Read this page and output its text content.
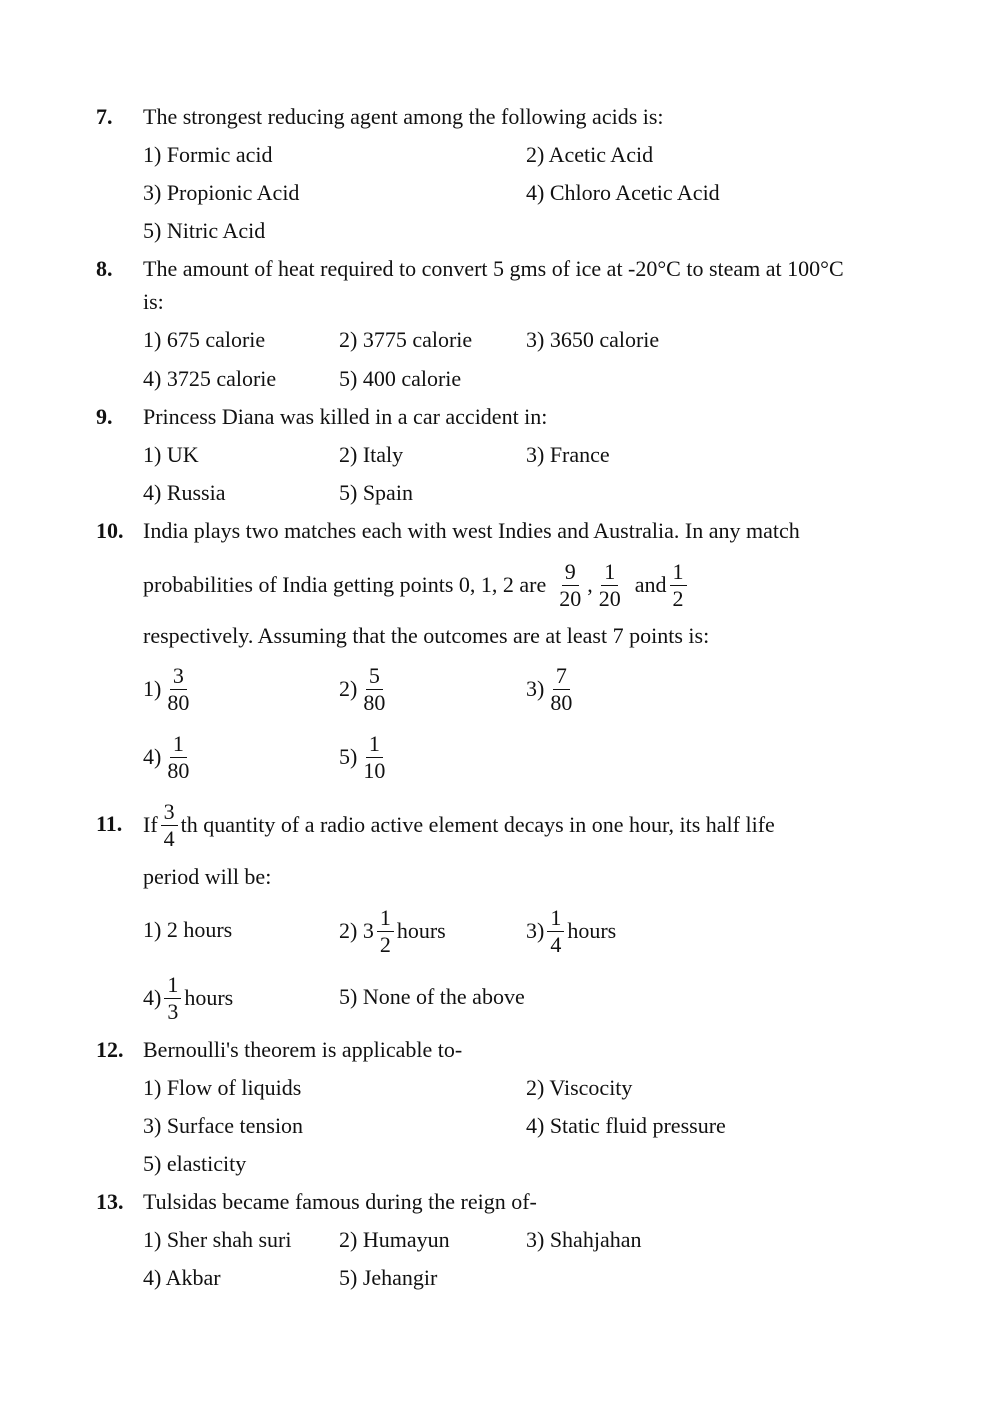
7. The strongest reducing agent among the following acids is:
1) Formic acid	2) Acetic Acid
3) Propionic Acid	4) Chloro Acetic Acid
5) Nitric Acid
8. The amount of heat required to convert 5 gms of ice at -20°C to steam at 100°C
is:
1) 675 calorie	2) 3775 calorie 3) 3650 calorie
4) 3725 calorie	5) 400 calorie
9. Princess Diana was killed in a car accident in:
1) UK	2) Italy	3) France
4) Russia	5) Spain
10. India plays two matches each with west Indies and Australia. In any match
probabilities of India getting points 0, 1, 2 are $\frac{9}{20}$ , $\frac{1}{20}$ and $\frac{1}{2}$
respectively. Assuming that the outcomes are at least 7 points is:
$1) \frac{3}{80}$	$2) \frac{5}{80}$	$3) \frac{7}{80}$
$4) \frac{1}{80}$	$5) \frac{1}{10}$
11. If $\frac{3}{4}$ th quantity of a radio active element decays in one hour, its half life
period will be:
1) 2 hours	2) $3 \frac{1}{2}$ hours	$3) \frac{1}{4}$ hours
$4) \frac{1}{3}$ hours	5) None of the above
12. Bernoulli's theorem is applicable to-
1) Flow of liquids	2) Viscocity
3) Surface tension	4) Static fluid pressure
5) elasticity
13. Tulsidas became famous during the reign of-
1) Sher shah suri 2) Humayun	3) Shahjahan
4) Akbar	5) Jehangir
